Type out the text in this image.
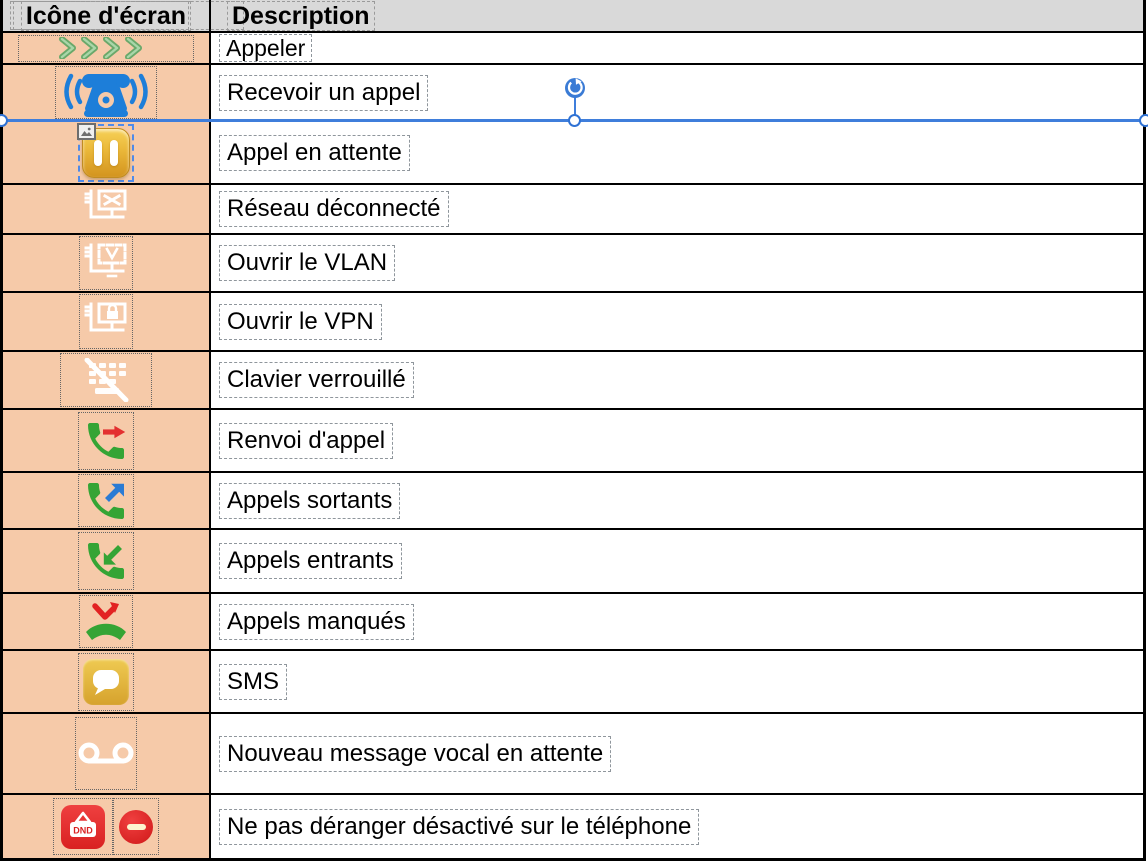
Icône d'écran Description
Appeler
Recevoir un appel
Appel en attente
Réseau déconnecté
Ouvrir le VLAN
Ouvrir le VPN
Clavier verrouillé
Renvoi d'appel
Appels sortants
Appels entrants
Appels manqués
SMS
Nouveau message vocal en attente
DND	Ne pas déranger désactivé sur le téléphone
